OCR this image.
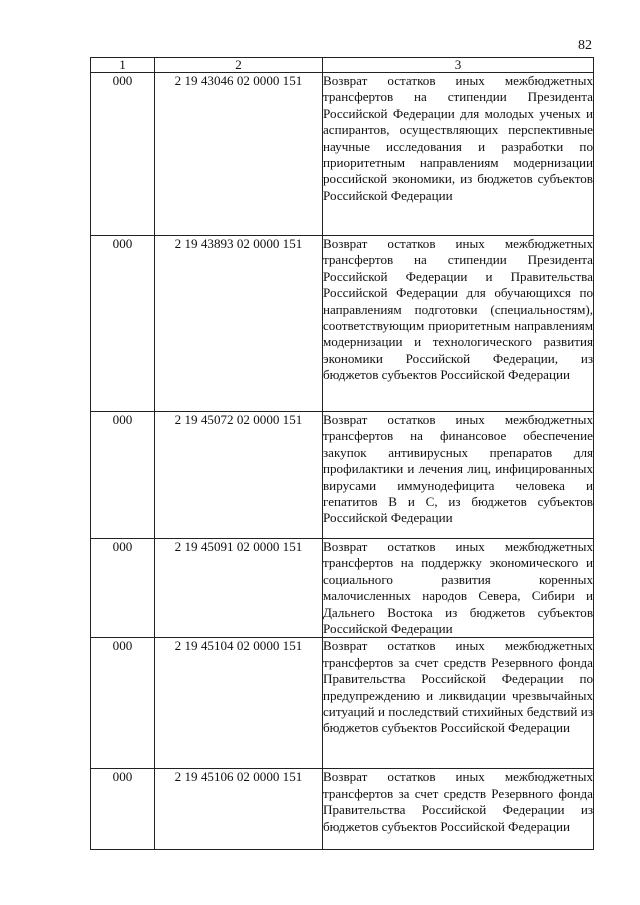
82
1	2	3
000	2 19 43046 02 0000 151	Возврат остатков иных межбюджетных трансфертов на стипендии Президента Российской Федерации для молодых ученых и аспирантов, осуществляющих перспективные научные исследования и разработки по приоритетным направлениям модернизации российской экономики, из бюджетов субъектов Российской Федерации
000	2 19 43893 02 0000 151	Возврат остатков иных межбюджетных трансфертов на стипендии Президента Российской Федерации и Правительства Российской Федерации для обучающихся по направлениям подготовки (специальностям), соответствующим приоритетным направлениям модернизации и технологического развития экономики Российской Федерации, из бюджетов субъектов Российской Федерации
000	2 19 45072 02 0000 151	Возврат остатков иных межбюджетных трансфертов на финансовое обеспечение закупок антивирусных препаратов для профилактики и лечения лиц, инфицированных вирусами иммунодефицита человека и гепатитов В и С, из бюджетов субъектов Российской Федерации
000	2 19 45091 02 0000 151	Возврат остатков иных межбюджетных трансфертов на поддержку экономического и социального развития коренных малочисленных народов Севера, Сибири и Дальнего Востока из бюджетов субъектов Российской Федерации
000	2 19 45104 02 0000 151	Возврат остатков иных межбюджетных трансфертов за счет средств Резервного фонда Правительства Российской Федерации по предупреждению и ликвидации чрезвычайных ситуаций и последствий стихийных бедствий из бюджетов субъектов Российской Федерации
000	2 19 45106 02 0000 151	Возврат остатков иных межбюджетных трансфертов за счет средств Резервного фонда Правительства Российской Федерации из бюджетов субъектов Российской Федерации
